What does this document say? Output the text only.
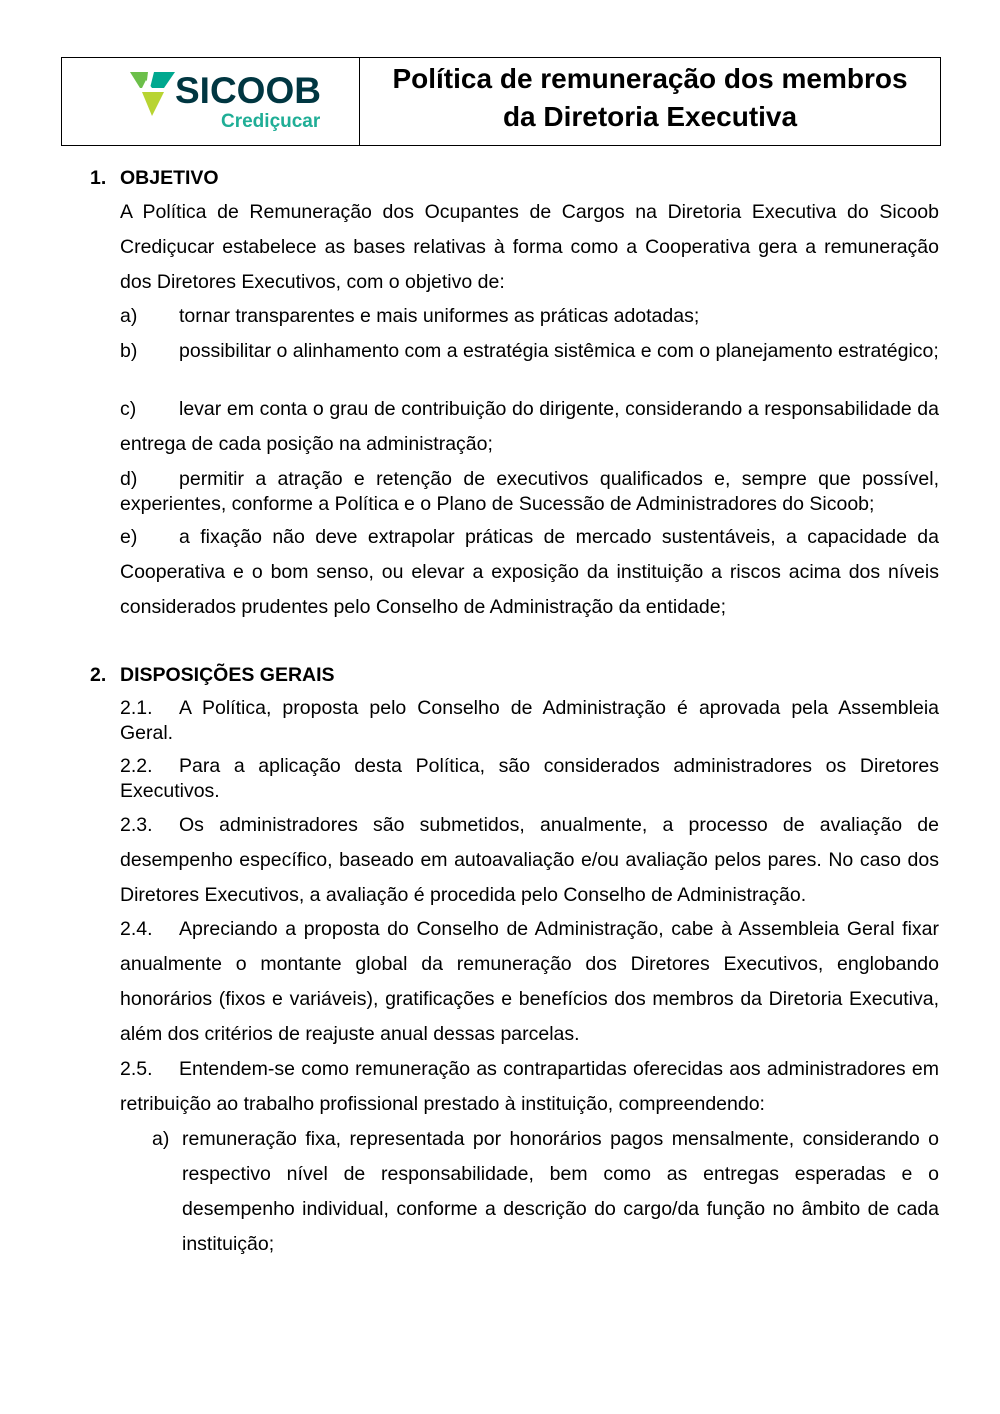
SICOOB
Crediçucar
Política de remuneração dos membros
da Diretoria Executiva
1. OBJETIVO
A Política de Remuneração dos Ocupantes de Cargos na Diretoria Executiva do Sicoob Crediçucar estabelece as bases relativas à forma como a Cooperativa gera a remuneração dos Diretores Executivos, com o objetivo de:
a) tornar transparentes e mais uniformes as práticas adotadas;
b) possibilitar o alinhamento com a estratégia sistêmica e com o planejamento estratégico;
c) levar em conta o grau de contribuição do dirigente, considerando a responsabilidade da entrega de cada posição na administração;
d) permitir a atração e retenção de executivos qualificados e, sempre que possível, experientes, conforme a Política e o Plano de Sucessão de Administradores do Sicoob;
e) a fixação não deve extrapolar práticas de mercado sustentáveis, a capacidade da Cooperativa e o bom senso, ou elevar a exposição da instituição a riscos acima dos níveis considerados prudentes pelo Conselho de Administração da entidade;
2. DISPOSIÇÕES GERAIS
2.1. A Política, proposta pelo Conselho de Administração é aprovada pela Assembleia Geral.
2.2. Para a aplicação desta Política, são considerados administradores os Diretores Executivos.
2.3. Os administradores são submetidos, anualmente, a processo de avaliação de desempenho específico, baseado em autoavaliação e/ou avaliação pelos pares. No caso dos Diretores Executivos, a avaliação é procedida pelo Conselho de Administração.
2.4. Apreciando a proposta do Conselho de Administração, cabe à Assembleia Geral fixar anualmente o montante global da remuneração dos Diretores Executivos, englobando honorários (fixos e variáveis), gratificações e benefícios dos membros da Diretoria Executiva, além dos critérios de reajuste anual dessas parcelas.
2.5. Entendem-se como remuneração as contrapartidas oferecidas aos administradores em retribuição ao trabalho profissional prestado à instituição, compreendendo:
a) remuneração fixa, representada por honorários pagos mensalmente, considerando o respectivo nível de responsabilidade, bem como as entregas esperadas e o desempenho individual, conforme a descrição do cargo/da função no âmbito de cada instituição;
